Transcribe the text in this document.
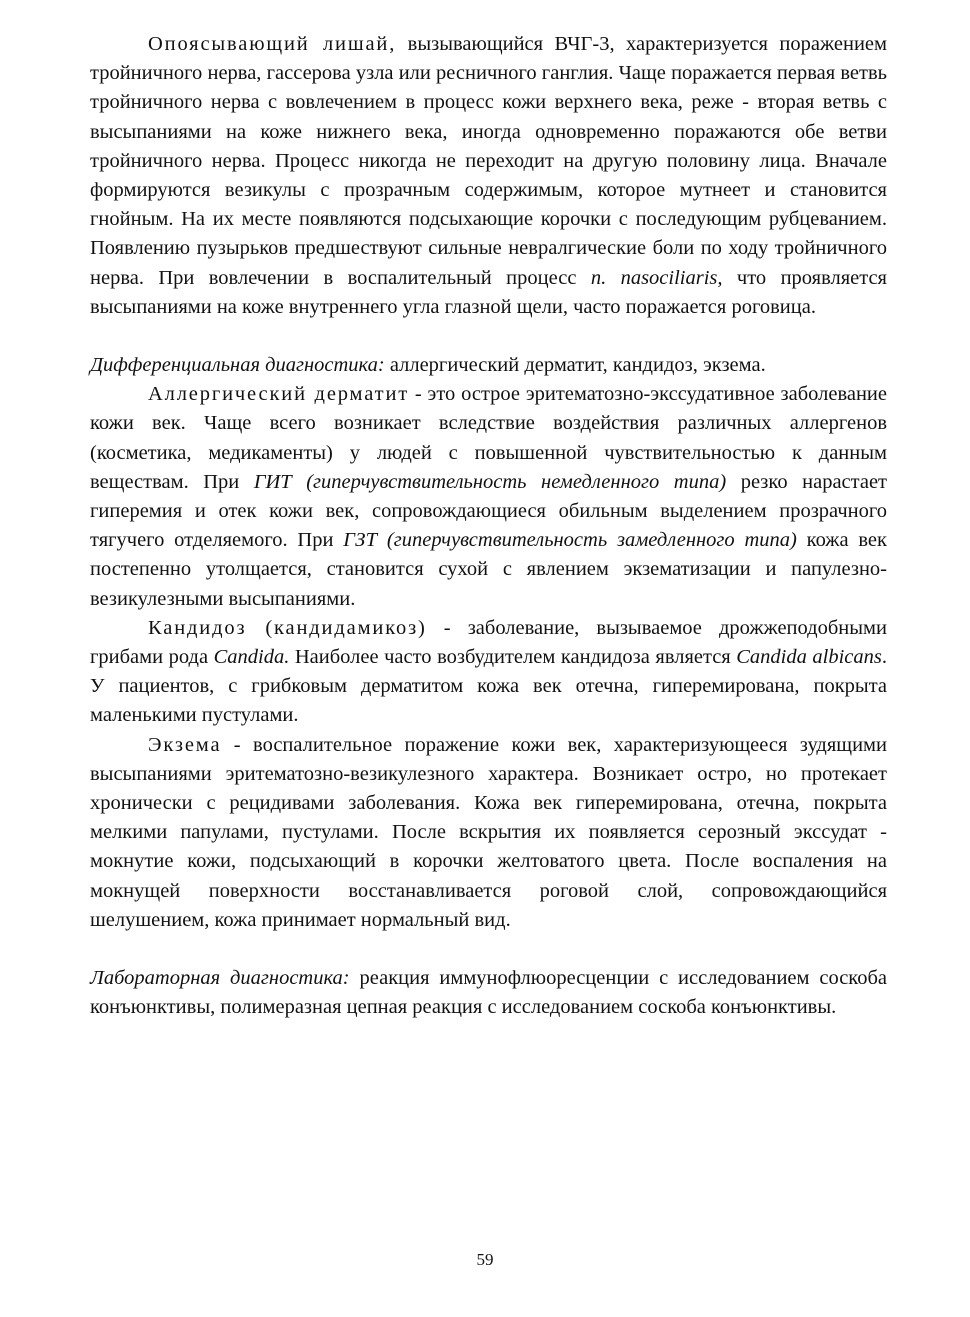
Опоясывающий лишай, вызывающийся ВЧГ-3, характеризуется поражением тройничного нерва, гассерова узла или ресничного ганглия. Чаще поражается первая ветвь тройничного нерва с вовлечением в процесс кожи верхнего века, реже - вторая ветвь с высыпаниями на коже нижнего века, иногда одновременно поражаются обе ветви тройничного нерва. Процесс никогда не переходит на другую половину лица. Вначале формируются везикулы с прозрачным содержимым, которое мутнеет и становится гнойным. На их месте появляются подсыхающие корочки с последующим рубцеванием. Появлению пузырьков предшествуют сильные невралгические боли по ходу тройничного нерва. При вовлечении в воспалительный процесс n. nasociliaris, что проявляется высыпаниями на коже внутреннего угла глазной щели, часто поражается роговица.

Дифференциальная диагностика: аллергический дерматит, кандидоз, экзема.

Аллергический дерматит - это острое эритематозно-экссудативное заболевание кожи век. Чаще всего возникает вследствие воздействия различных аллергенов (косметика, медикаменты) у людей с повышенной чувствительностью к данным веществам. При ГИТ (гиперчувствительность немедленного типа) резко нарастает гиперемия и отек кожи век, сопровождающиеся обильным выделением прозрачного тягучего отделяемого. При ГЗТ (гиперчувствительность замедленного типа) кожа век постепенно утолщается, становится сухой с явлением экзематизации и папулезно-везикулезными высыпаниями.

Кандидоз (кандидамикоз) - заболевание, вызываемое дрожжеподобными грибами рода Candida. Наиболее часто возбудителем кандидоза является Candida albicans. У пациентов, с грибковым дерматитом кожа век отечна, гиперемирована, покрыта маленькими пустулами.

Экзема - воспалительное поражение кожи век, характеризующееся зудящими высыпаниями эритематозно-везикулезного характера. Возникает остро, но протекает хронически с рецидивами заболевания. Кожа век гиперемирована, отечна, покрыта мелкими папулами, пустулами. После вскрытия их появляется серозный экссудат - мокнутие кожи, подсыхающий в корочки желтоватого цвета. После воспаления на мокнущей поверхности восстанавливается роговой слой, сопровождающийся шелушением, кожа принимает нормальный вид.

Лабораторная диагностика: реакция иммунофлюоресценции с исследованием соскоба конъюнктивы, полимеразная цепная реакция с исследованием соскоба конъюнктивы.

59
